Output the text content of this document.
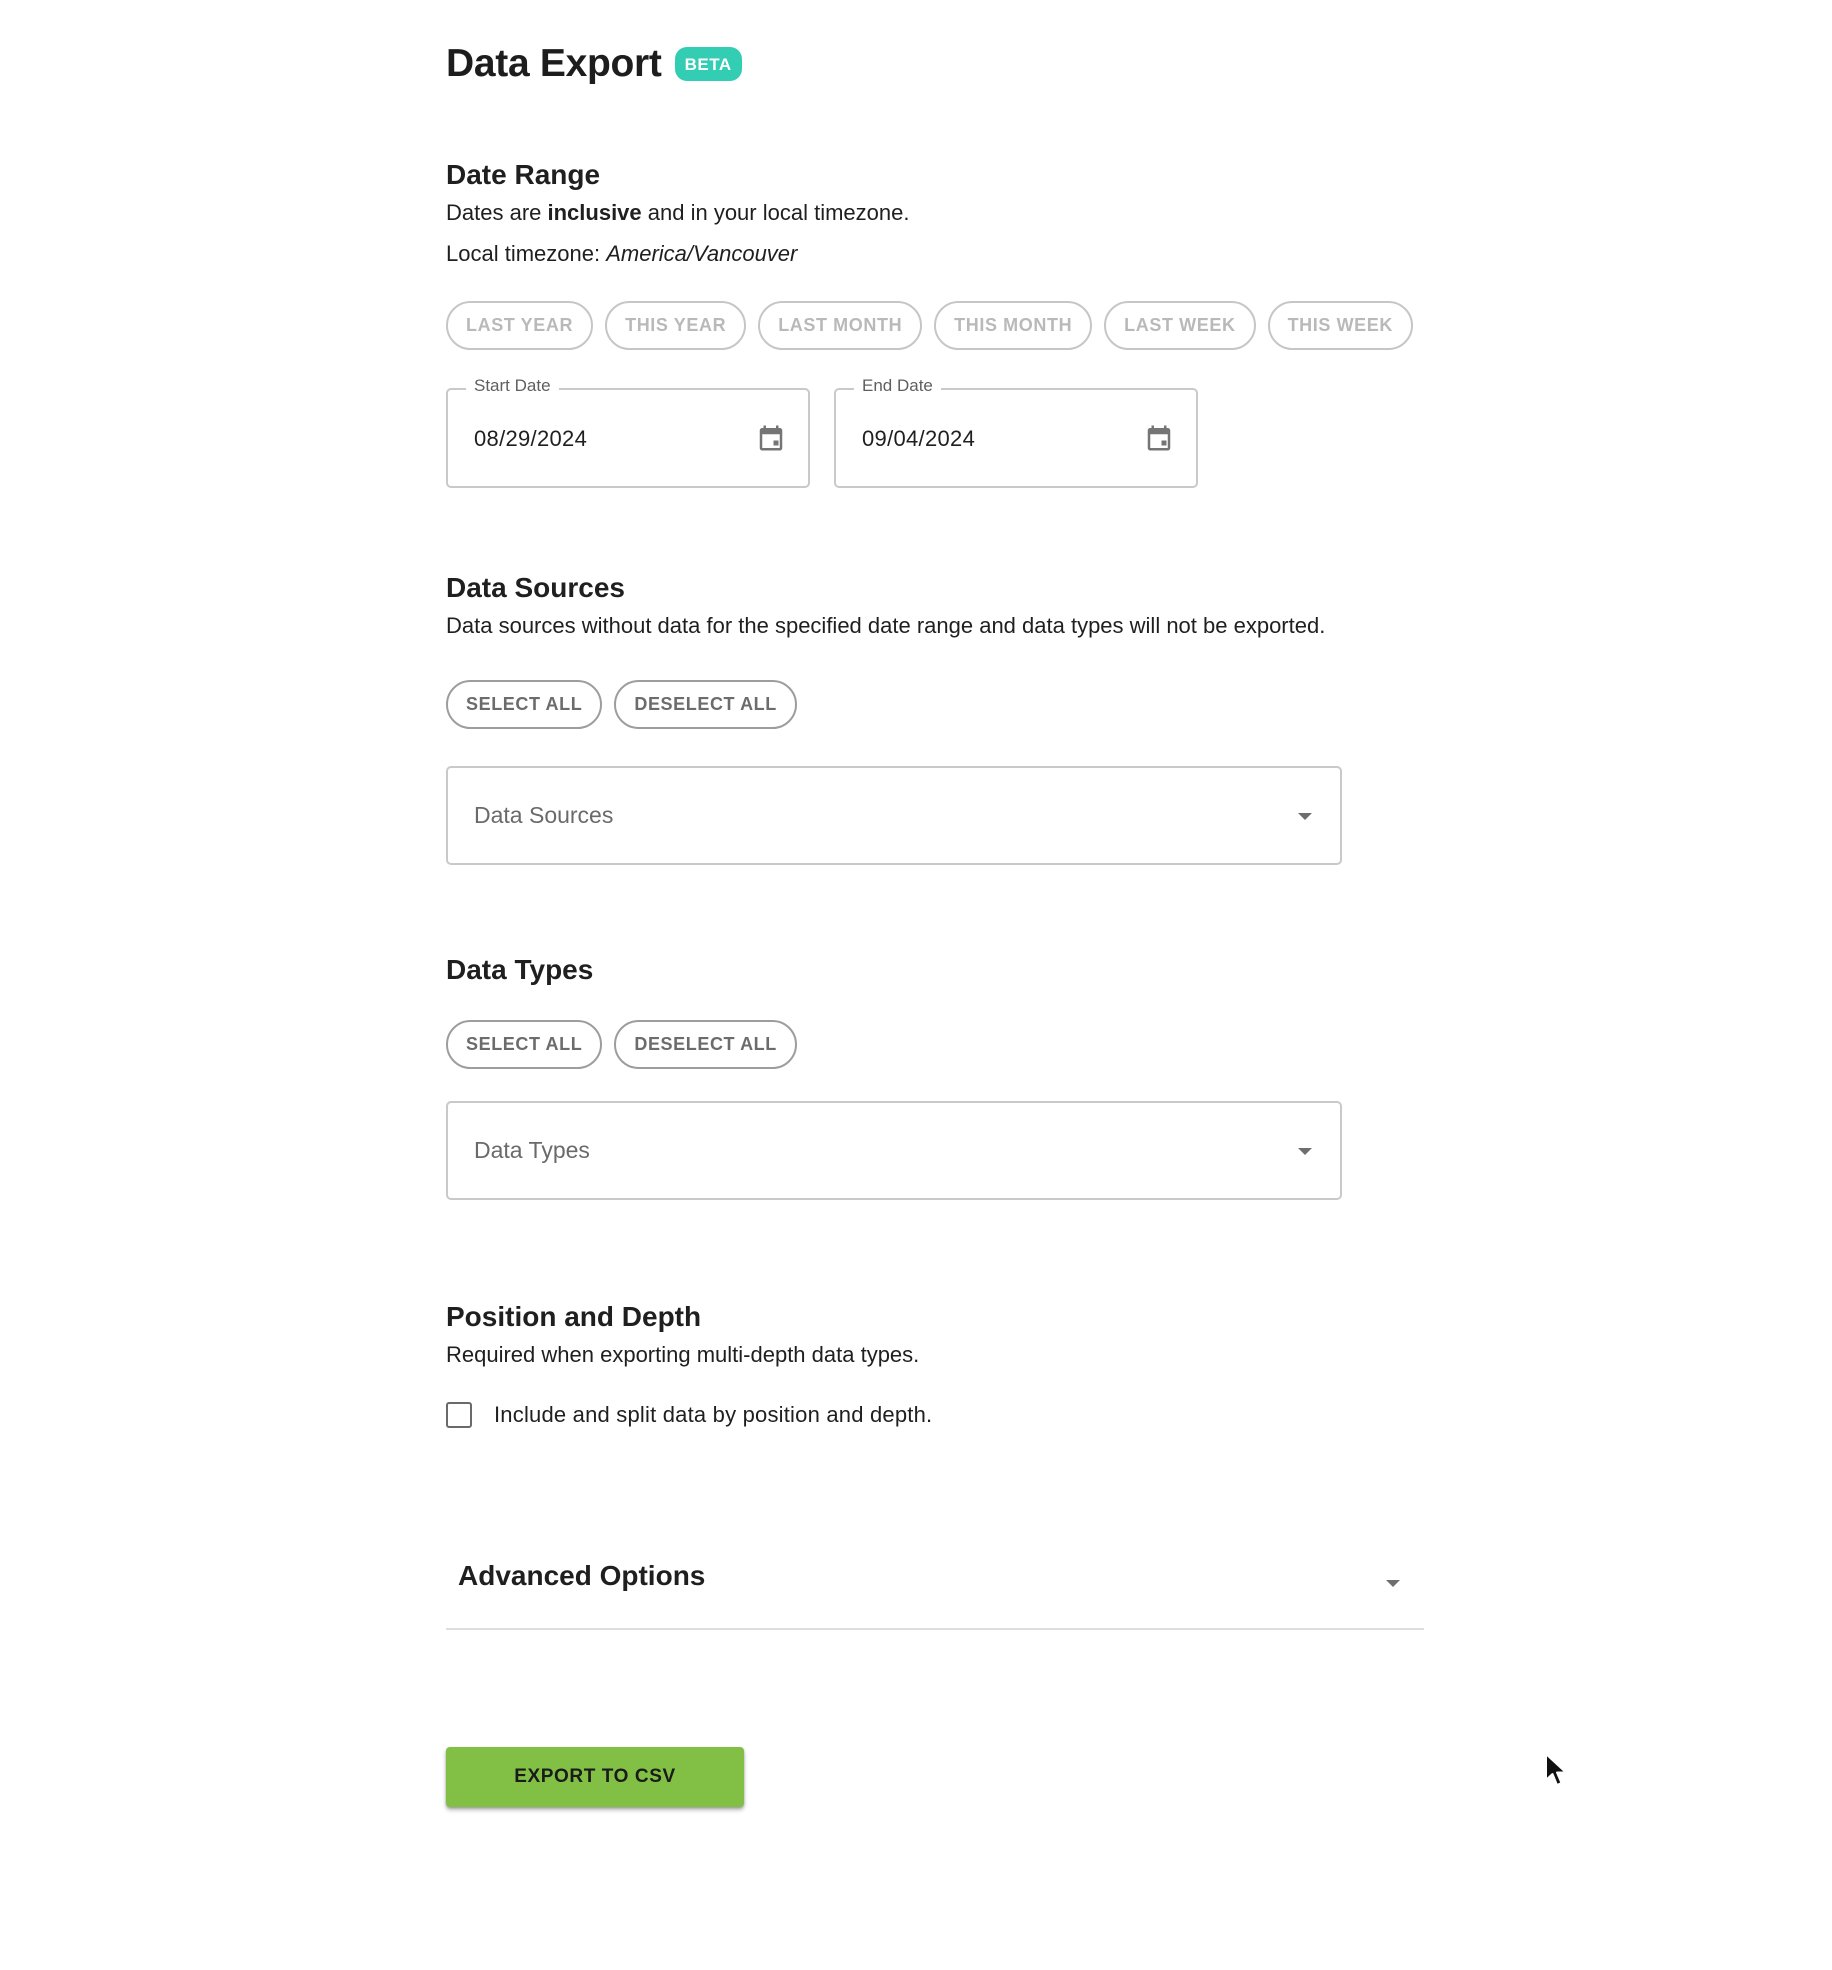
Data Export	BETA
Date Range

Dates are inclusive and in your local timezone.

Local timezone: America/Vancouver

LAST YEAR	THIS YEAR	LAST MONTH	THIS MONTH	LAST WEEK	THIS WEEK
Start Date
08/29/2024
End Date
09/04/2024
Data Sources

Data sources without data for the specified date range and data types will not be exported.

SELECT ALL	DESELECT ALL
Data Sources
Data Types
SELECT ALL	DESELECT ALL
Data Types
Position and Depth

Required when exporting multi-depth data types.

Include and split data by position and depth.
Advanced Options
EXPORT TO CSV
